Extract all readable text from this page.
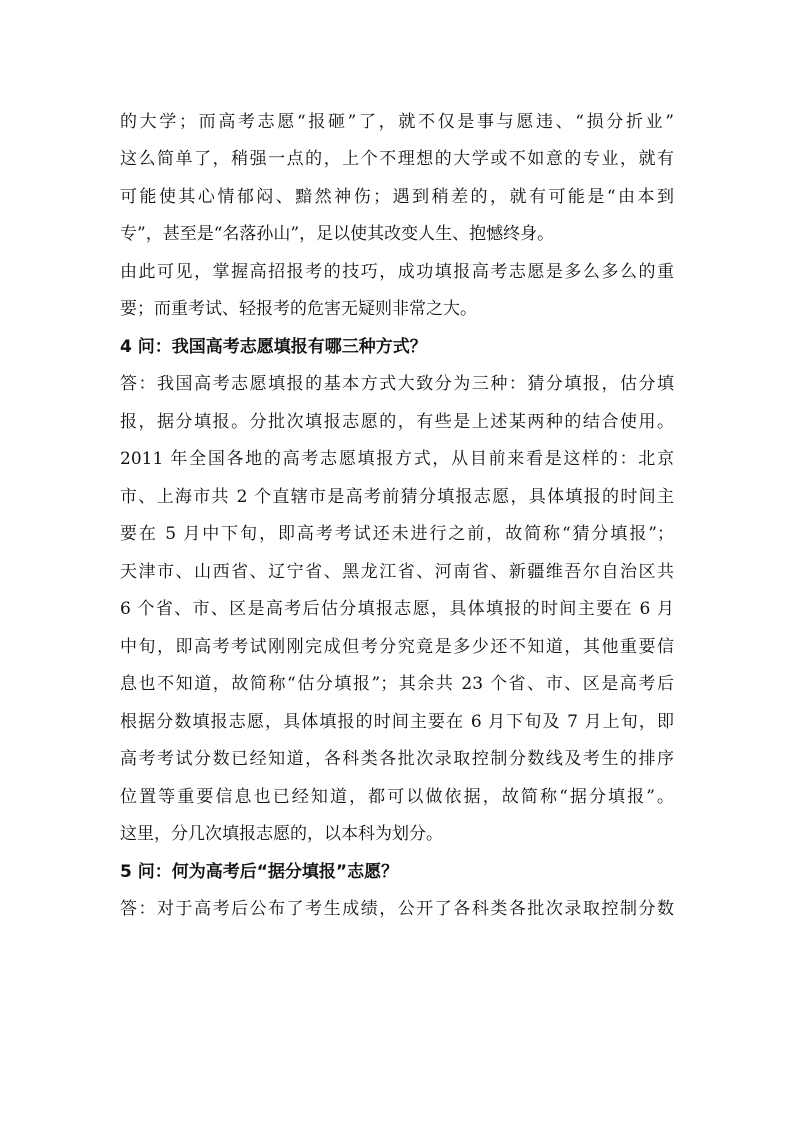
的大学；而高考志愿“报砸”了，就不仅是事与愿违、“损分折业”
这么简单了，稍强一点的，上个不理想的大学或不如意的专业，就有
可能使其心情郁闷、黯然神伤；遇到稍差的，就有可能是“由本到
专”，甚至是“名落孙山”，足以使其改变人生、抱憾终身。
由此可见，掌握高招报考的技巧，成功填报高考志愿是多么多么的重
要；而重考试、轻报考的危害无疑则非常之大。
4 问：我国高考志愿填报有哪三种方式？
答：我国高考志愿填报的基本方式大致分为三种：猜分填报，估分填
报，据分填报。分批次填报志愿的，有些是上述某两种的结合使用。
2011 年全国各地的高考志愿填报方式，从目前来看是这样的：北京
市、上海市共 2 个直辖市是高考前猜分填报志愿，具体填报的时间主
要在 5 月中下旬，即高考考试还未进行之前，故简称“猜分填报”；
天津市、山西省、辽宁省、黑龙江省、河南省、新疆维吾尔自治区共
6 个省、市、区是高考后估分填报志愿，具体填报的时间主要在 6 月
中旬，即高考考试刚刚完成但考分究竟是多少还不知道，其他重要信
息也不知道，故简称“估分填报”；其余共 23 个省、市、区是高考后
根据分数填报志愿，具体填报的时间主要在 6 月下旬及 7 月上旬，即
高考考试分数已经知道，各科类各批次录取控制分数线及考生的排序
位置等重要信息也已经知道，都可以做依据，故简称“据分填报”。
这里，分几次填报志愿的，以本科为划分。
5 问：何为高考后“据分填报”志愿？
答：对于高考后公布了考生成绩，公开了各科类各批次录取控制分数
